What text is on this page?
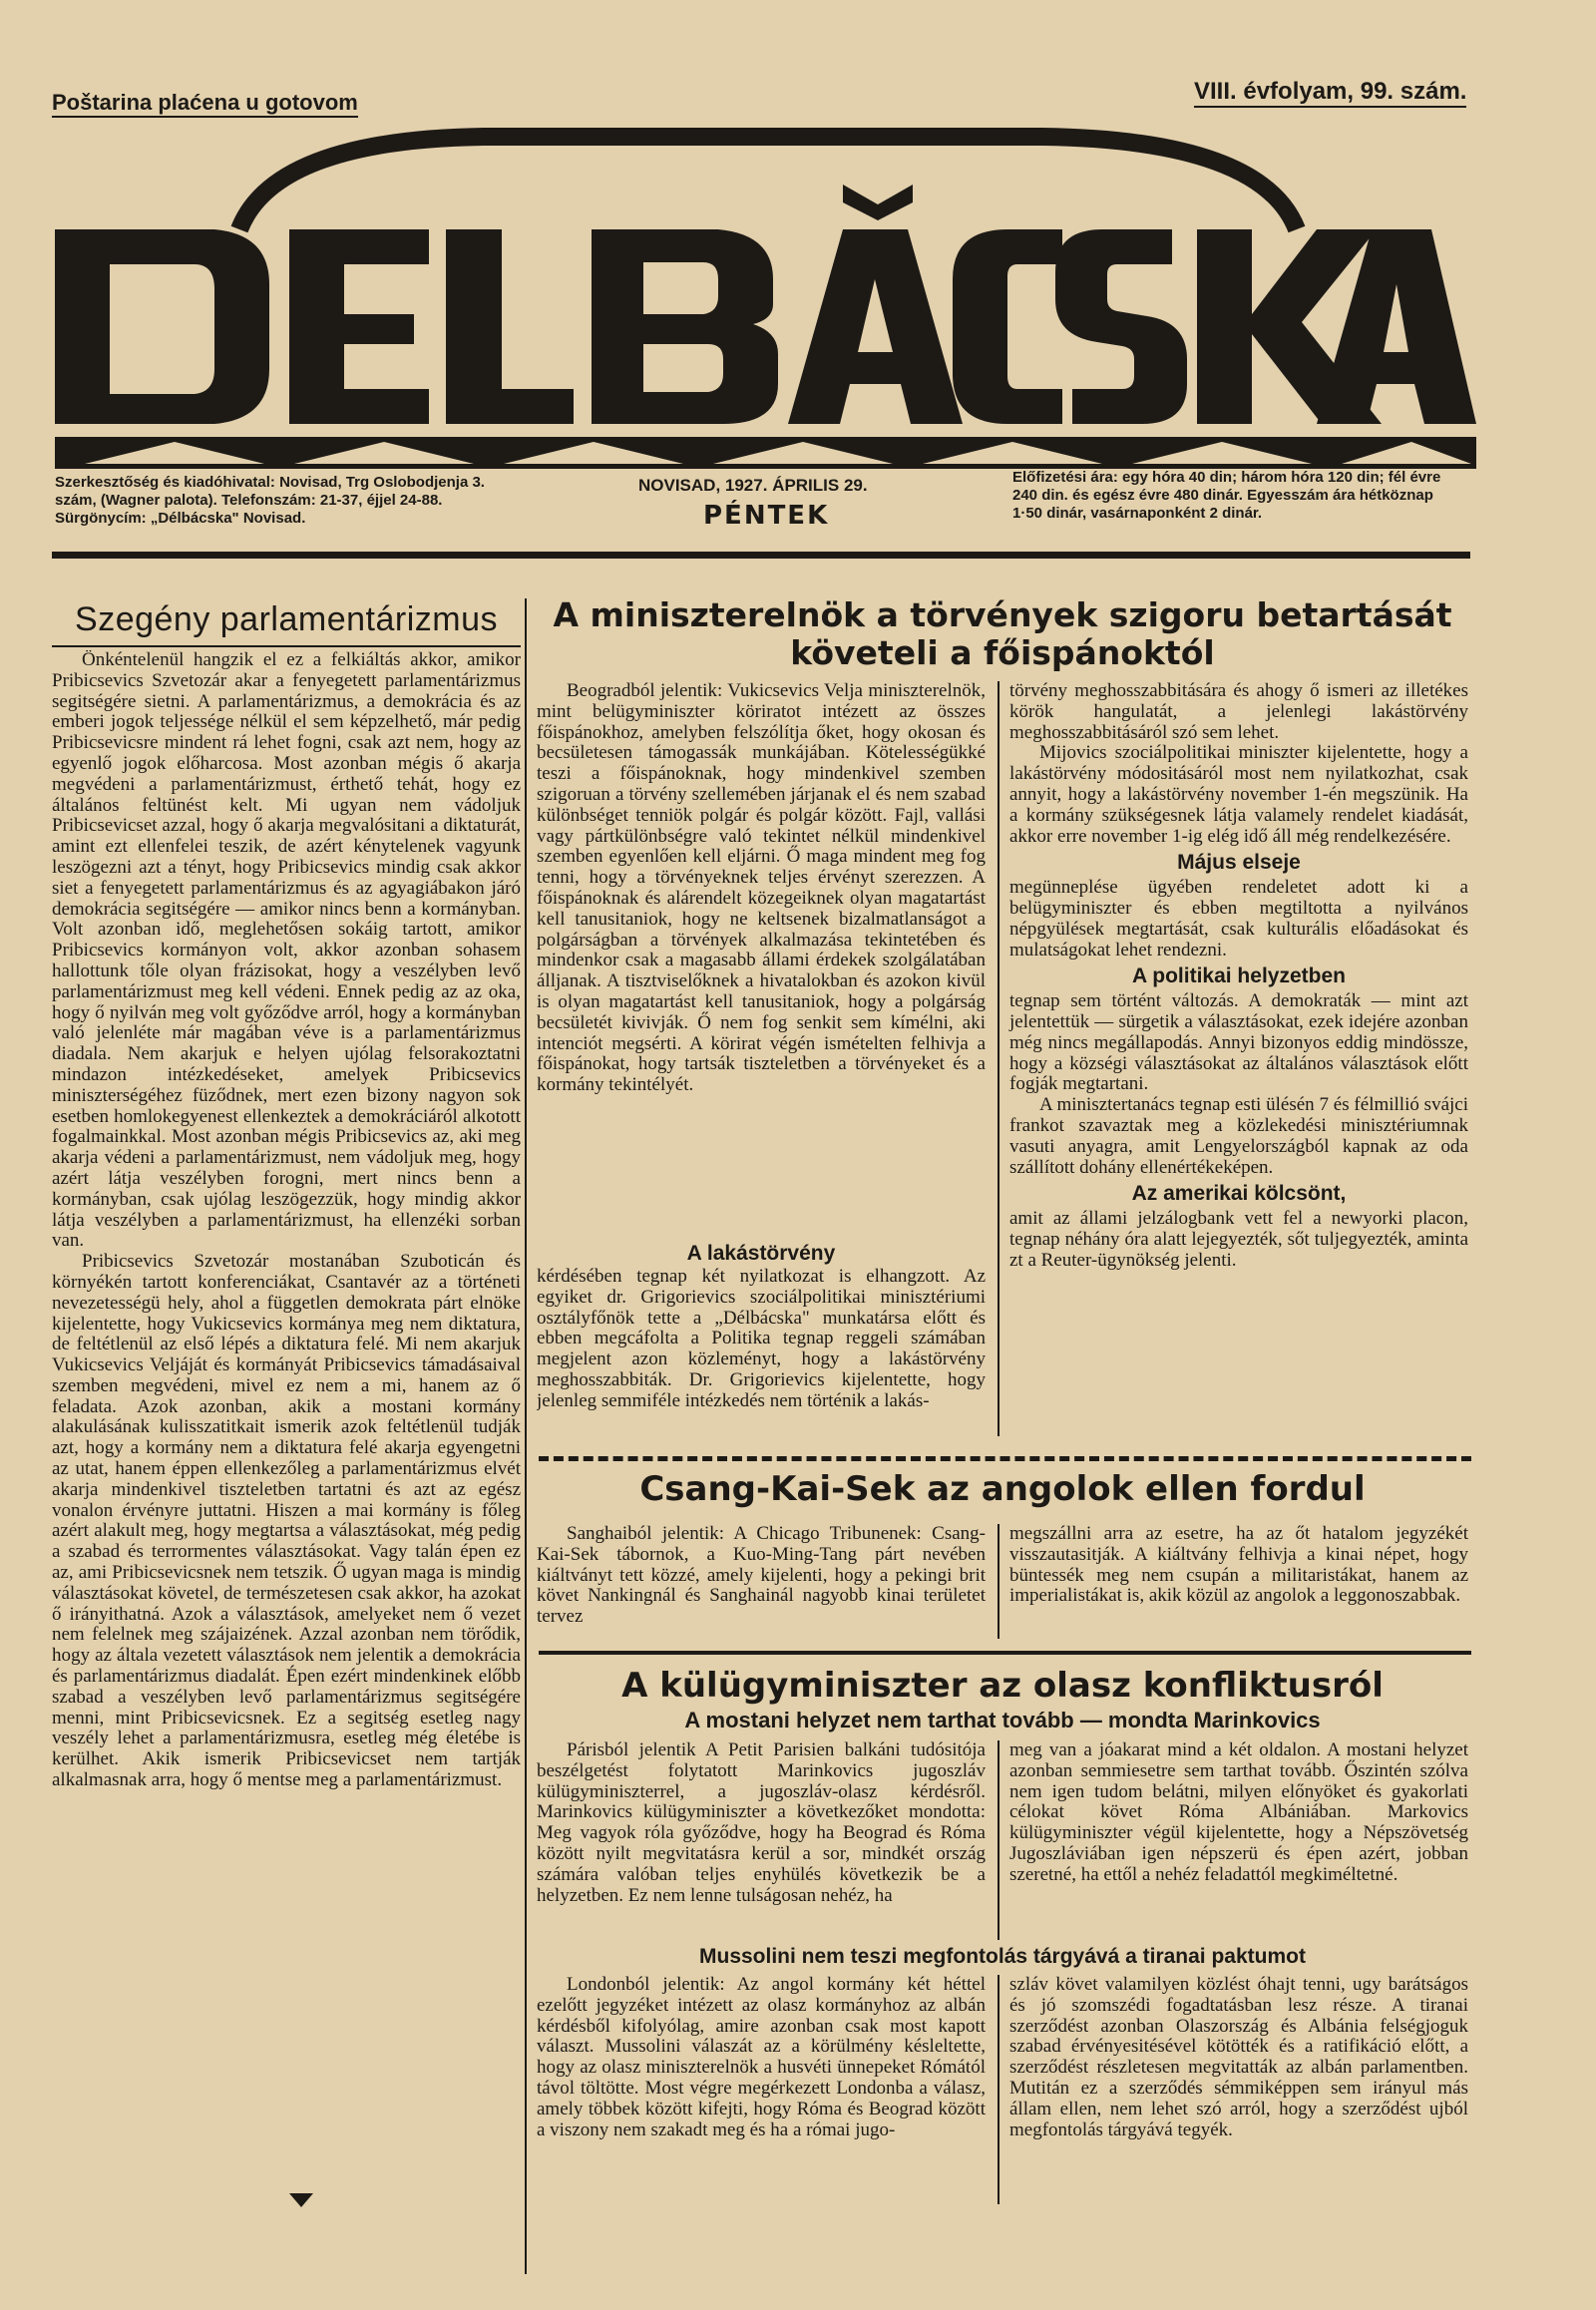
Poštarina plaćena u gotovom	VIII. évfolyam, 99. szám.
Szerkesztőség és kiadóhivatal: Novisad, Trg Oslobodjenja 3. szám, (Wagner palota). Telefonszám: 21-37, éjjel 24-88. Sürgönycím: „Délbácska" Novisad.
NOVISAD, 1927. ÁPRILIS 29.
PÉNTEK
Előfizetési ára: egy hóra 40 din; három hóra 120 din; fél évre 240 din. és egész évre 480 dinár. Egyesszám ára hétköznap 1·50 dinár, vasárnaponként 2 dinár.
Szegény parlamentárizmus

Önkéntelenül hangzik el ez a felkiáltás akkor, amikor Pribicsevics Szvetozár akar a fenyegetett parlamentárizmus segitségére sietni. A parlamentárizmus, a demokrácia és az emberi jogok teljessége nélkül el sem képzelhető, már pedig Pribicsevicsre mindent rá lehet fogni, csak azt nem, hogy az egyenlő jogok előharcosa. Most azonban mégis ő akarja megvédeni a parlamentárizmust, érthető tehát, hogy ez általános feltünést kelt. Mi ugyan nem vádoljuk Pribicsevicset azzal, hogy ő akarja megvalósitani a diktaturát, amint ezt ellenfelei teszik, de azért kénytelenek vagyunk leszögezni azt a tényt, hogy Pribicsevics mindig csak akkor siet a fenyegetett parlamentárizmus és az agyagiábakon járó demokrácia segitségére — amikor nincs benn a kormányban. Volt azonban idő, meglehetősen sokáig tartott, amikor Pribicsevics kormányon volt, akkor azonban sohasem hallottunk tőle olyan frázisokat, hogy a veszélyben levő parlamentárizmust meg kell védeni. Ennek pedig az az oka, hogy ő nyilván meg volt győződve arról, hogy a kormányban való jelenléte már magában véve is a parlamentárizmus diadala. Nem akarjuk e helyen ujólag felsorakoztatni mindazon intézkedéseket, amelyek Pribicsevics miniszterségéhez füződnek, mert ezen bizony nagyon sok esetben homlokegyenest ellenkeztek a demokráciáról alkotott fogalmainkkal. Most azonban mégis Pribicsevics az, aki meg akarja védeni a parlamentárizmust, nem vádoljuk meg, hogy azért látja veszélyben forogni, mert nincs benn a kormányban, csak ujólag leszögezzük, hogy mindig akkor látja veszélyben a parlamentárizmust, ha ellenzéki sorban van.

Pribicsevics Szvetozár mostanában Szuboticán és környékén tartott konferenciákat, Csantavér az a történeti nevezetességü hely, ahol a független demokrata párt elnöke kijelentette, hogy Vukicsevics kormánya meg nem diktatura, de feltétlenül az első lépés a diktatura felé. Mi nem akarjuk Vukicsevics Veljáját és kormányát Pribicsevics támadásaival szemben megvédeni, mivel ez nem a mi, hanem az ő feladata. Azok azonban, akik a mostani kormány alakulásának kulisszatitkait ismerik azok feltétlenül tudják azt, hogy a kormány nem a diktatura felé akarja egyengetni az utat, hanem éppen ellenkezőleg a parlamentárizmus elvét akarja mindenkivel tiszteletben tartatni és azt az egész vonalon érvényre juttatni. Hiszen a mai kormány is főleg azért alakult meg, hogy megtartsa a választásokat, még pedig a szabad és terrormentes választásokat. Vagy talán épen ez az, ami Pribicsevicsnek nem tetszik. Ő ugyan maga is mindig választásokat követel, de természetesen csak akkor, ha azokat ő irányithatná. Azok a választások, amelyeket nem ő vezet nem felelnek meg szájaizének. Azzal azonban nem törődik, hogy az általa vezetett választások nem jelentik a demokrácia és parlamentárizmus diadalát. Épen ezért mindenkinek előbb szabad a veszélyben levő parlamentárizmus segitségére menni, mint Pribicsevicsnek. Ez a segitség esetleg nagy veszély lehet a parlamentárizmusra, esetleg még életébe is kerülhet. Akik ismerik Pribicsevicset nem tartják alkalmasnak arra, hogy ő mentse meg a parlamentárizmust.

A miniszterelnök a törvények szigoru betartását követeli a főispánoktól

Beogradból jelentik: Vukicsevics Velja miniszterelnök, mint belügyminiszter köriratot intézett az összes főispánokhoz, amelyben felszólítja őket, hogy okosan és becsületesen támogassák munkájában. Kötelességükké teszi a főispánoknak, hogy mindenkivel szemben szigoruan a törvény szellemében járjanak el és nem szabad különbséget tenniök polgár és polgár között. Fajl, vallási vagy pártkülönbségre való tekintet nélkül mindenkivel szemben egyenlően kell eljárni. Ő maga mindent meg fog tenni, hogy a törvényeknek teljes érvényt szerezzen. A főispánoknak és alárendelt közegeiknek olyan magatartást kell tanusitaniok, hogy ne keltsenek bizalmatlanságot a polgárságban a törvények alkalmazása tekintetében és mindenkor csak a magasabb állami érdekek szolgálatában álljanak. A tisztviselőknek a hivatalokban és azokon kivül is olyan magatartást kell tanusitaniok, hogy a polgárság becsületét kivivják. Ő nem fog senkit sem kímélni, aki intenciót megsérti. A körirat végén ismételten felhivja a főispánokat, hogy tartsák tiszteletben a törvényeket és a kormány tekintélyét.

A lakástörvény

kérdésében tegnap két nyilatkozat is elhangzott. Az egyiket dr. Grigorievics szociálpolitikai minisztériumi osztályfőnök tette a „Délbácska" munkatársa előtt és ebben megcáfolta a Politika tegnap reggeli számában megjelent azon közleményt, hogy a lakástörvény meghosszabbiták. Dr. Grigorievics kijelentette, hogy jelenleg semmiféle intézkedés nem történik a lakás-

törvény meghosszabbitására és ahogy ő ismeri az illetékes körök hangulatát, a jelenlegi lakástörvény meghosszabbitásáról szó sem lehet.

Mijovics szociálpolitikai miniszter kijelentette, hogy a lakástörvény módositásáról most nem nyilatkozhat, csak annyit, hogy a lakástörvény november 1-én megszünik. Ha a kormány szükségesnek látja valamely rendelet kiadását, akkor erre november 1-ig elég idő áll még rendelkezésére.

Május elseje

megünneplése ügyében rendeletet adott ki a belügyminiszter és ebben megtiltotta a nyilvános népgyülések megtartását, csak kulturális előadásokat és mulatságokat lehet rendezni.

A politikai helyzetben

tegnap sem történt változás. A demokraták — mint azt jelentettük — sürgetik a választásokat, ezek idejére azonban még nincs megállapodás. Annyi bizonyos eddig mindössze, hogy a községi választásokat az általános választások előtt fogják megtartani.

A minisztertanács tegnap esti ülésén 7 és félmillió svájci frankot szavaztak meg a közlekedési minisztériumnak vasuti anyagra, amit Lengyelországból kapnak az oda szállított dohány ellenértékeképen.

Az amerikai kölcsönt,

amit az állami jelzálogbank vett fel a newyorki placon, tegnap néhány óra alatt lejegyezték, sőt tuljegyezték, aminta zt a Reuter-ügynökség jelenti.

Csang-Kai-Sek az angolok ellen fordul

Sanghaiból jelentik: A Chicago Tribunenek: Csang-Kai-Sek tábornok, a Kuo-Ming-Tang párt nevében kiáltványt tett közzé, amely kijelenti, hogy a pekingi brit követ Nankingnál és Sanghainál nagyobb kinai területet tervez

megszállni arra az esetre, ha az őt hatalom jegyzékét visszautasitják. A kiáltvány felhivja a kinai népet, hogy büntessék meg nem csupán a militaristákat, hanem az imperialistákat is, akik közül az angolok a leggonoszabbak.

A külügyminiszter az olasz konfliktusról
A mostani helyzet nem tarthat tovább — mondta Marinkovics

Párisból jelentik A Petit Parisien balkáni tudósitója beszélgetést folytatott Marinkovics jugoszláv külügyminiszterrel, a jugoszláv-olasz kérdésről. Marinkovics külügyminiszter a következőket mondotta: Meg vagyok róla győződve, hogy ha Beograd és Róma között nyilt megvitatásra kerül a sor, mindkét ország számára valóban teljes enyhülés következik be a helyzetben. Ez nem lenne tulságosan nehéz, ha

meg van a jóakarat mind a két oldalon. A mostani helyzet azonban semmiesetre sem tarthat tovább. Őszintén szólva nem igen tudom belátni, milyen előnyöket és gyakorlati célokat követ Róma Albániában. Markovics külügyminiszter végül kijelentette, hogy a Népszövetség Jugoszláviában igen népszerü és épen azért, jobban szeretné, ha ettől a nehéz feladattól megkiméltetné.

Mussolini nem teszi megfontolás tárgyává a tiranai paktumot

Londonból jelentik: Az angol kormány két héttel ezelőtt jegyzéket intézett az olasz kormányhoz az albán kérdésből kifolyólag, amire azonban csak most kapott választ. Mussolini válaszát az a körülmény késleltette, hogy az olasz miniszterelnök a husvéti ünnepeket Rómától távol töltötte. Most végre megérkezett Londonba a válasz, amely többek között kifejti, hogy Róma és Beograd között a viszony nem szakadt meg és ha a római jugo-

szláv követ valamilyen közlést óhajt tenni, ugy barátságos és jó szomszédi fogadtatásban lesz része. A tiranai szerződést azonban Olaszország és Albánia felségjoguk szabad érvényesitésével kötötték és a ratifikáció előtt, a szerződést részletesen megvitatták az albán parlamentben. Mutitán ez a szerződés sémmiképpen sem irányul más állam ellen, nem lehet szó arról, hogy a szerződést ujból megfontolás tárgyává tegyék.
